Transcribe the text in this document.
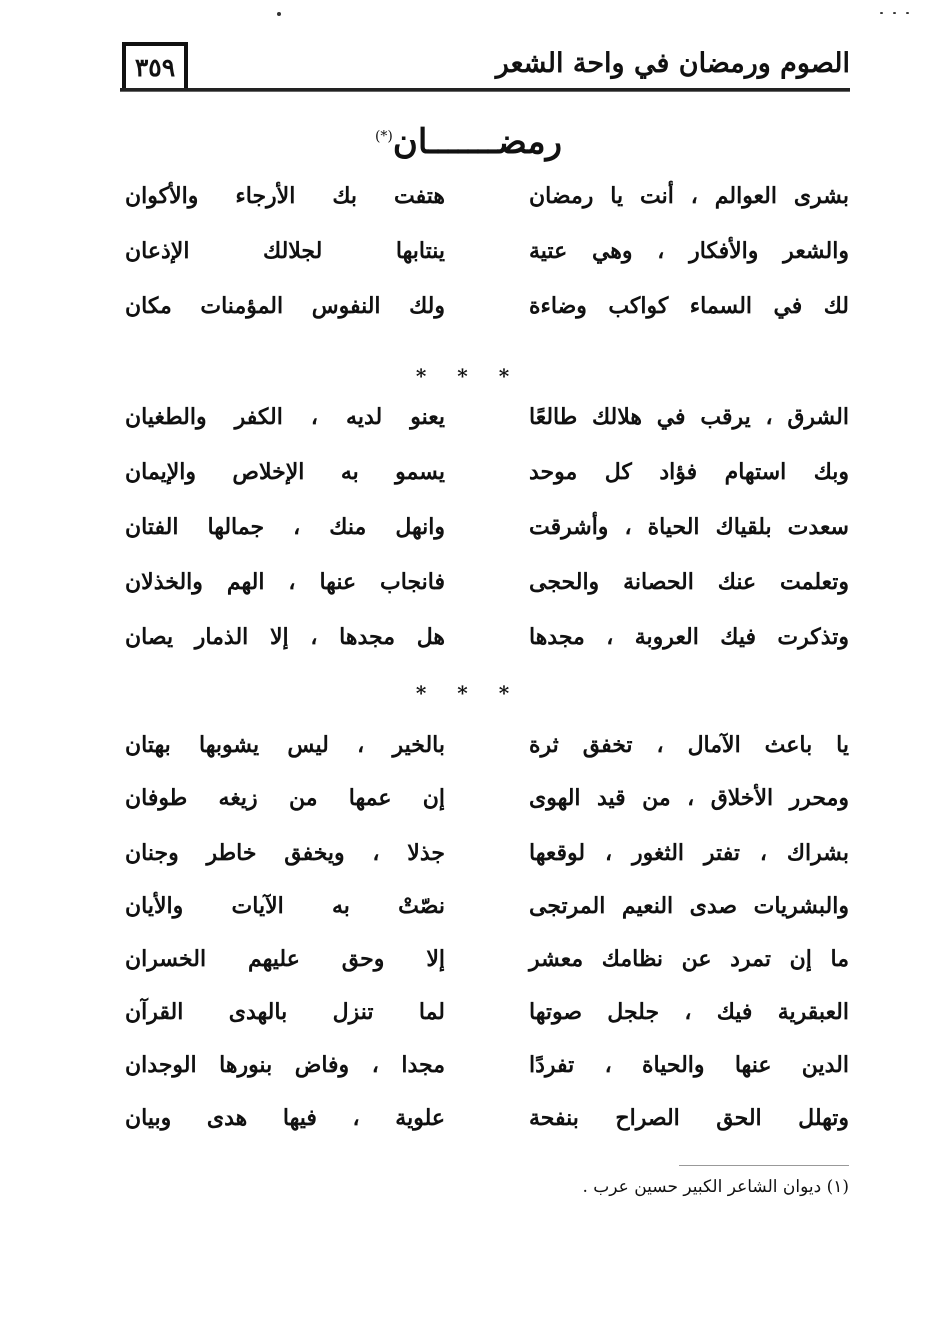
٣٥٩	الصوم ورمضان في واحة الشعر
رمضـــــــان(*)
بشرى العوالم ، أنت يا رمضان
هتفت بك الأرجاء والأكوان
والشعر والأفكار ، وهي عتية
ينتابها لجلالك الإذعان
لك في السماء كواكب وضاءة
ولك النفوس المؤمنات مكان
* * *
الشرق ، يرقب في هلالك طالعًا
يعنو لديه ، الكفر والطغيان
وبك استهام فؤاد كل موحد
يسمو به الإخلاص والإيمان
سعدت بلقياك الحياة ، وأشرقت
وانهل منك ، جمالها الفتان
وتعلمت عنك الحصانة والحجى
فانجاب عنها ، الهم والخذلان
وتذكرت فيك العروبة ، مجدها
هل مجدها ، إلا الذمار يصان
* * *
يا باعث الآمال ، تخفق ثرة
بالخير ، ليس يشوبها بهتان
ومحرر الأخلاق ، من قيد الهوى
إن عمها من زيغه طوفان
بشراك ، تفتر الثغور ، لوقعها
جذلا ، ويخفق خاطر وجنان
والبشريات صدى النعيم المرتجى
نصّتْ به الآيات والأيان
ما إن تمرد عن نظامك معشر
إلا وحق عليهم الخسران
العبقرية فيك ، جلجل صوتها
لما تنزل بالهدى القرآن
الدين عنها والحياة ، تفردًا
مجدا ، وفاض بنورها الوجدان
وتهلل الحق الصراح بنفحة
علوية ، فيها هدى وبيان
(١) ديوان الشاعر الكبير حسين عرب .
